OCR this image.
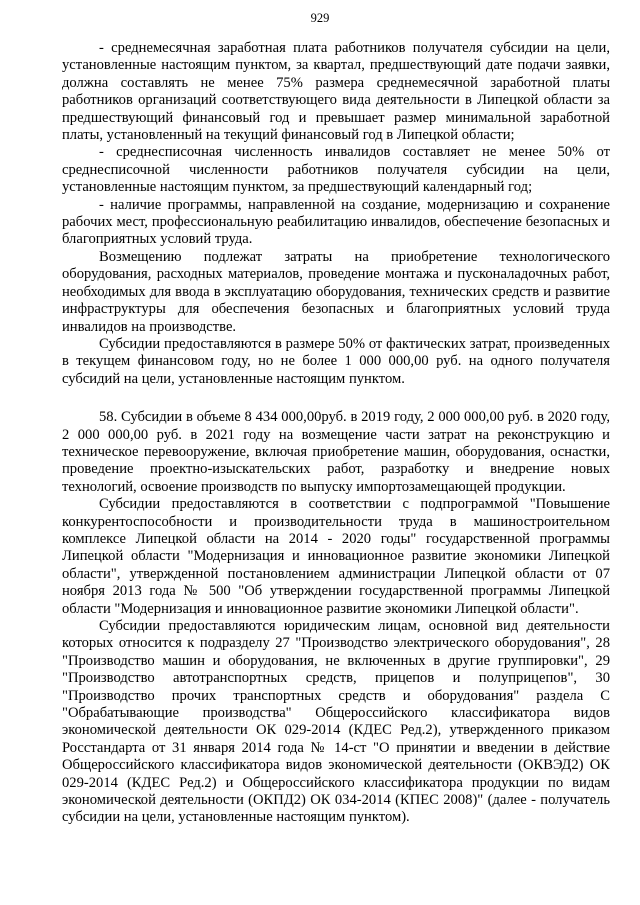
929

- среднемесячная заработная плата работников получателя субсидии на цели, установленные настоящим пунктом, за квартал, предшествующий дате подачи заявки, должна составлять не менее 75% размера среднемесячной заработной платы работников организаций соответствующего вида деятельности в Липецкой области за предшествующий финансовый год и превышает размер минимальной заработной платы, установленный на текущий финансовый год в Липецкой области;

- среднесписочная численность инвалидов составляет не менее 50% от среднесписочной численности работников получателя субсидии на цели, установленные настоящим пунктом, за предшествующий календарный год;

- наличие программы, направленной на создание, модернизацию и сохранение рабочих мест, профессиональную реабилитацию инвалидов, обеспечение безопасных и благоприятных условий труда.

Возмещению подлежат затраты на приобретение технологического оборудования, расходных материалов, проведение монтажа и пусконаладочных работ, необходимых для ввода в эксплуатацию оборудования, технических средств и развитие инфраструктуры для обеспечения безопасных и благоприятных условий труда инвалидов на производстве.

Субсидии предоставляются в размере 50% от фактических затрат, произведенных в текущем финансовом году, но не более 1 000 000,00 руб. на одного получателя субсидий на цели, установленные настоящим пунктом.

58. Субсидии в объеме 8 434 000,00руб. в 2019 году, 2 000 000,00 руб. в 2020 году, 2 000 000,00 руб. в 2021 году на возмещение части затрат на реконструкцию и техническое перевооружение, включая приобретение машин, оборудования, оснастки, проведение проектно-изыскательских работ, разработку и внедрение новых технологий, освоение производств по выпуску импортозамещающей продукции.

Субсидии предоставляются в соответствии с подпрограммой "Повышение конкурентоспособности и производительности труда в машиностроительном комплексе Липецкой области на 2014 - 2020 годы" государственной программы Липецкой области "Модернизация и инновационное развитие экономики Липецкой области", утвержденной постановлением администрации Липецкой области от 07 ноября 2013 года № 500 "Об утверждении государственной программы Липецкой области "Модернизация и инновационное развитие экономики Липецкой области".

Субсидии предоставляются юридическим лицам, основной вид деятельности которых относится к подразделу 27 "Производство электрического оборудования", 28 "Производство машин и оборудования, не включенных в другие группировки", 29 "Производство автотранспортных средств, прицепов и полуприцепов", 30 "Производство прочих транспортных средств и оборудования" раздела С "Обрабатывающие производства" Общероссийского классификатора видов экономической деятельности ОК 029-2014 (КДЕС Ред.2), утвержденного приказом Росстандарта от 31 января 2014 года № 14-ст "О принятии и введении в действие Общероссийского классификатора видов экономической деятельности (ОКВЭД2) ОК 029-2014 (КДЕС Ред.2) и Общероссийского классификатора продукции по видам экономической деятельности (ОКПД2) ОК 034-2014 (КПЕС 2008)" (далее - получатель субсидии на цели, установленные настоящим пунктом).
